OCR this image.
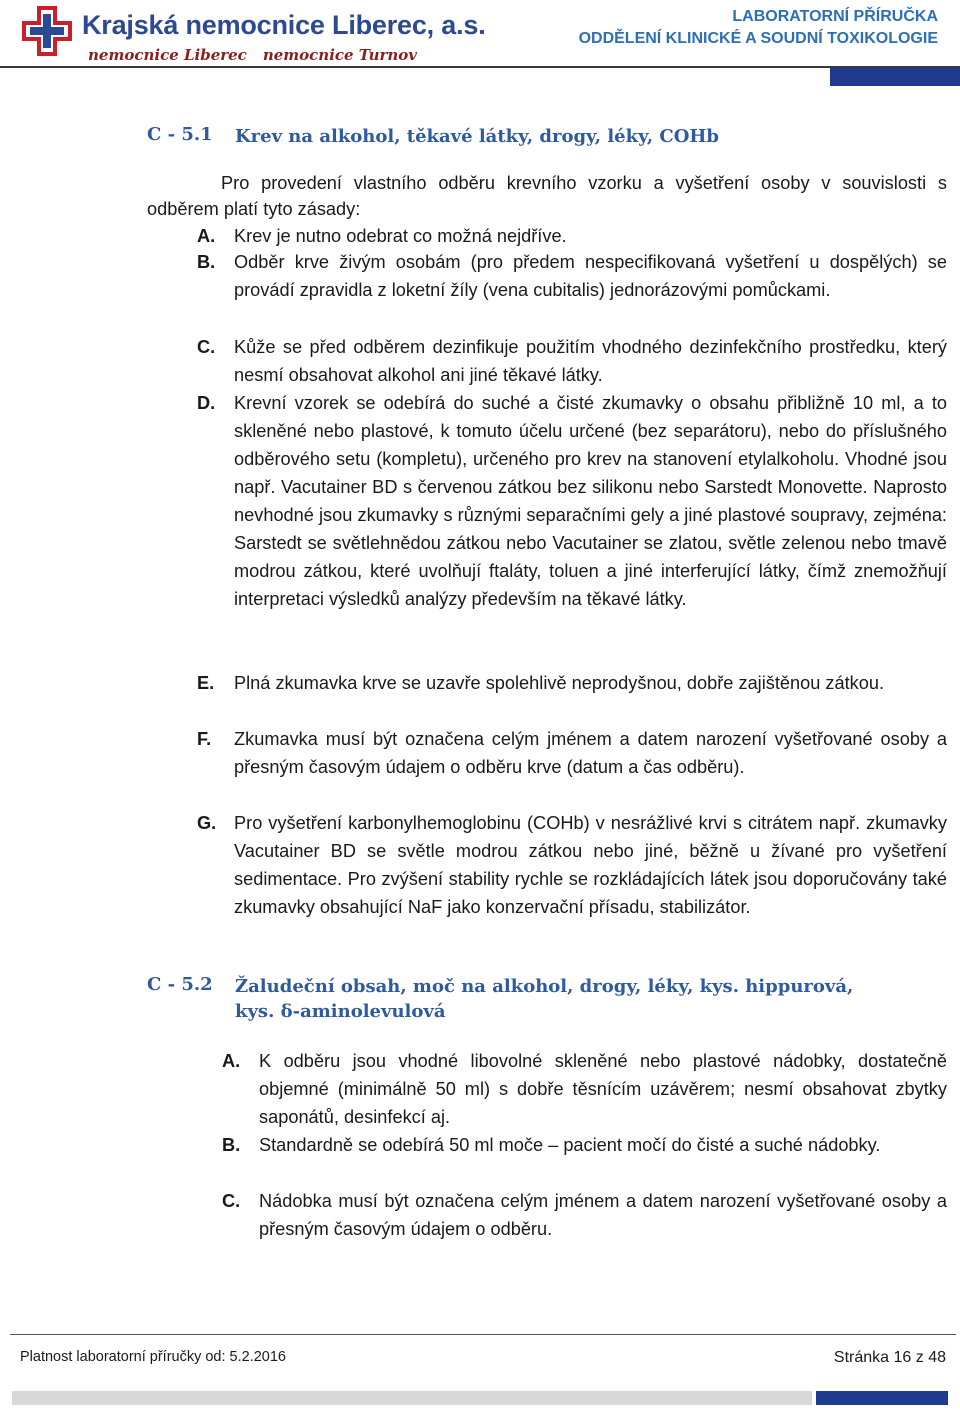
Krajská nemocnice Liberec, a.s.
nemocnice Liberec nemocnice Turnov
LABORATORNÍ PŘÍRUČKA
ODDĚLENÍ KLINICKÉ A SOUDNÍ TOXIKOLOGIE
C - 5.1 Krev na alkohol, těkavé látky, drogy, léky, COHb
Pro provedení vlastního odběru krevního vzorku a vyšetření osoby v souvislosti s odběrem platí tyto zásady:
A. Krev je nutno odebrat co možná nejdříve.
B. Odběr krve živým osobám (pro předem nespecifikovaná vyšetření u dospělých) se provádí zpravidla z loketní žíly (vena cubitalis) jednorázovými pomůckami.
C. Kůže se před odběrem dezinfikuje použitím vhodného dezinfekčního prostředku, který nesmí obsahovat alkohol ani jiné těkavé látky.
D. Krevní vzorek se odebírá do suché a čisté zkumavky o obsahu přibližně 10 ml, a to skleněné nebo plastové, k tomuto účelu určené (bez separátoru), nebo do příslušného odběrového setu (kompletu), určeného pro krev na stanovení etylalkoholu. Vhodné jsou např. Vacutainer BD s červenou zátkou bez silikonu nebo Sarstedt Monovette. Naprosto nevhodné jsou zkumavky s různými separačními gely a jiné plastové soupravy, zejména: Sarstedt se světlehnědou zátkou nebo Vacutainer se zlatou, světle zelenou nebo tmavě modrou zátkou, které uvolňují ftaláty, toluen a jiné interferující látky, čímž znemožňují interpretaci výsledků analýzy především na těkavé látky.
E. Plná zkumavka krve se uzavře spolehlivě neprodyšnou, dobře zajištěnou zátkou.
F. Zkumavka musí být označena celým jménem a datem narození vyšetřované osoby a přesným časovým údajem o odběru krve (datum a čas odběru).
G. Pro vyšetření karbonylhemoglobinu (COHb) v nesrážlivé krvi s citrátem např. zkumavky Vacutainer BD se světle modrou zátkou nebo jiné, běžně u žívané pro vyšetření sedimentace. Pro zvýšení stability rychle se rozkládajících látek jsou doporučovány také zkumavky obsahující NaF jako konzervační přísadu, stabilizátor.
C - 5.2 Žaludeční obsah, moč na alkohol, drogy, léky, kys. hippurová, kys. δ-aminolevulová
A. K odběru jsou vhodné libovolné skleněné nebo plastové nádobky, dostatečně objemné (minimálně 50 ml) s dobře těsnícím uzávěrem; nesmí obsahovat zbytky saponátů, desinfekcí aj.
B. Standardně se odebírá 50 ml moče – pacient močí do čisté a suché nádobky.
C. Nádobka musí být označena celým jménem a datem narození vyšetřované osoby a přesným časovým údajem o odběru.
Platnost laboratorní příručky od: 5.2.2016	Stránka 16 z 48
